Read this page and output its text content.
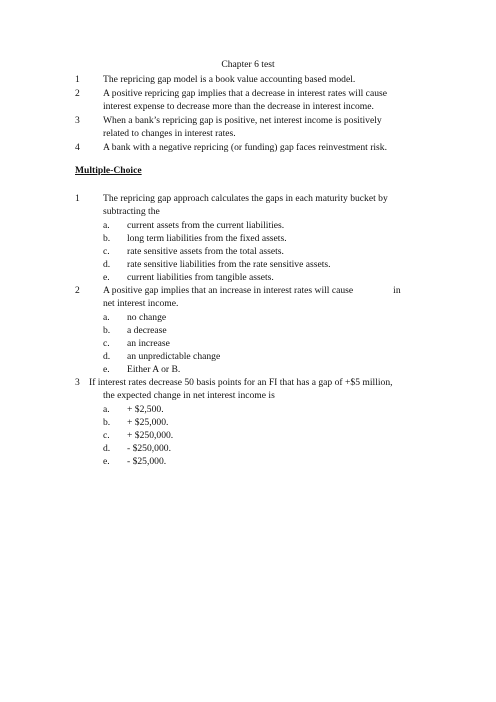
Chapter 6 test
1 The repricing gap model is a book value accounting based model.
2 A positive repricing gap implies that a decrease in interest rates will cause
interest expense to decrease more than the decrease in interest income.
3 When a bank’s repricing gap is positive, net interest income is positively
related to changes in interest rates.
4 A bank with a negative repricing (or funding) gap faces reinvestment risk.
Multiple-Choice
1 The repricing gap approach calculates the gaps in each maturity bucket by
subtracting the
a. current assets from the current liabilities.
b. long term liabilities from the fixed assets.
c. rate sensitive assets from the total assets.
d. rate sensitive liabilities from the rate sensitive assets.
e. current liabilities from tangible assets.
2 A positive gap implies that an increase in interest rates will cause	in
net interest income.
a. no change
b. a decrease
c. an increase
d. an unpredictable change
e. Either A or B.
3 If interest rates decrease 50 basis points for an FI that has a gap of +$5 million,
the expected change in net interest income is
a. + $2,500.
b. + $25,000.
c. + $250,000.
d. - $250,000.
e. - $25,000.
